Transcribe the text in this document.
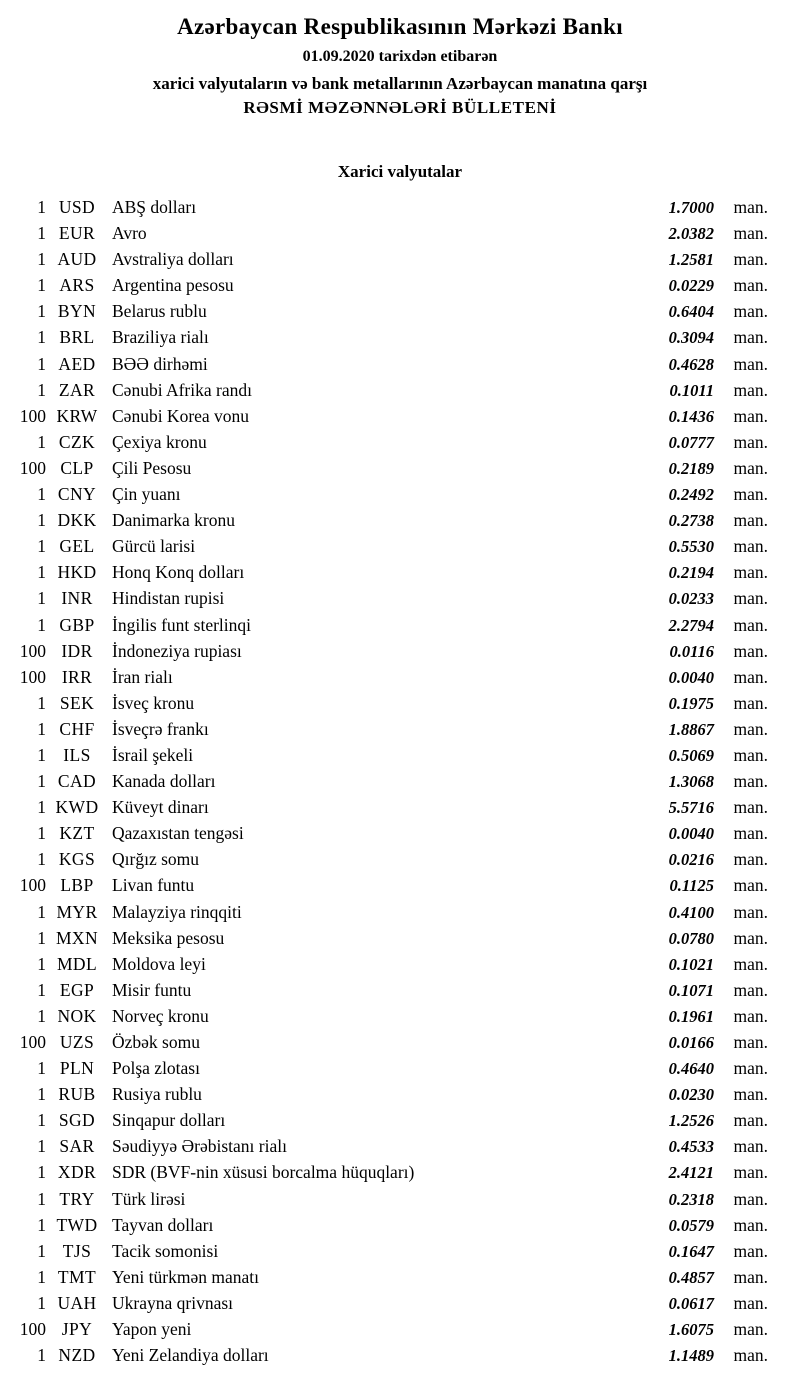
Azərbaycan Respublikasının Mərkəzi Bankı
01.09.2020 tarixdən etibarən
xarici valyutaların və bank metallarının Azərbaycan manatına qarşı
RƏSMİ MƏZƏNNƏLƏRİ BÜLLETENİ
Xarici valyutalar
1 USD ABŞ dolları	1.7000	man.
1 EUR Avro	2.0382	man.
1 AUD Avstraliya dolları	1.2581	man.
1 ARS Argentina pesosu	0.0229	man.
1 BYN Belarus rublu	0.6404	man.
1 BRL Braziliya rialı	0.3094	man.
1 AED BƏƏ dirhəmi	0.4628	man.
1 ZAR Cənubi Afrika randı	0.1011	man.
100 KRW Cənubi Korea vonu	0.1436	man.
1 CZK Çexiya kronu	0.0777	man.
100 CLP	Çili Pesosu	0.2189	man.
1 CNY Çin yuanı	0.2492	man.
1 DKK Danimarka kronu	0.2738	man.
1 GEL Gürcü larisi	0.5530	man.
1 HKD Honq Konq dolları	0.2194	man.
1 INR	Hindistan rupisi	0.0233	man.
1 GBP İngilis funt sterlinqi	2.2794	man.
100 IDR	İndoneziya rupiası	0.0116	man.
100 IRR	İran rialı	0.0040	man.
1 SEK	İsveç kronu	0.1975	man.
1 CHF İsveçrə frankı	1.8867	man.
1 ILS	İsrail şekeli	0.5069	man.
1 CAD Kanada dolları	1.3068	man.
1 KWD Küveyt dinarı	5.5716	man.
1 KZT Qazaxıstan tengəsi	0.0040	man.
1 KGS Qırğız somu	0.0216	man.
100 LBP	Livan funtu	0.1125	man.
1 MYR Malayziya rinqqiti	0.4100	man.
1 MXN Meksika pesosu	0.0780	man.
1 MDL Moldova leyi	0.1021	man.
1 EGP	Misir funtu	0.1071	man.
1 NOK Norveç kronu	0.1961	man.
100 UZS	Özbək somu	0.0166	man.
1 PLN	Polşa zlotası	0.4640	man.
1 RUB Rusiya rublu	0.0230	man.
1 SGD Sinqapur dolları	1.2526	man.
1 SAR Səudiyyə Ərəbistanı rialı	0.4533	man.
1 XDR SDR (BVF-nin xüsusi borcalma hüquqları)	2.4121	man.
1 TRY Türk lirəsi	0.2318	man.
1 TWD Tayvan dolları	0.0579	man.
1 TJS	Tacik somonisi	0.1647	man.
1 TMT Yeni türkmən manatı	0.4857	man.
1 UAH Ukrayna qrivnası	0.0617	man.
100 JPY	Yapon yeni	1.6075	man.
1 NZD Yeni Zelandiya dolları	1.1489	man.
